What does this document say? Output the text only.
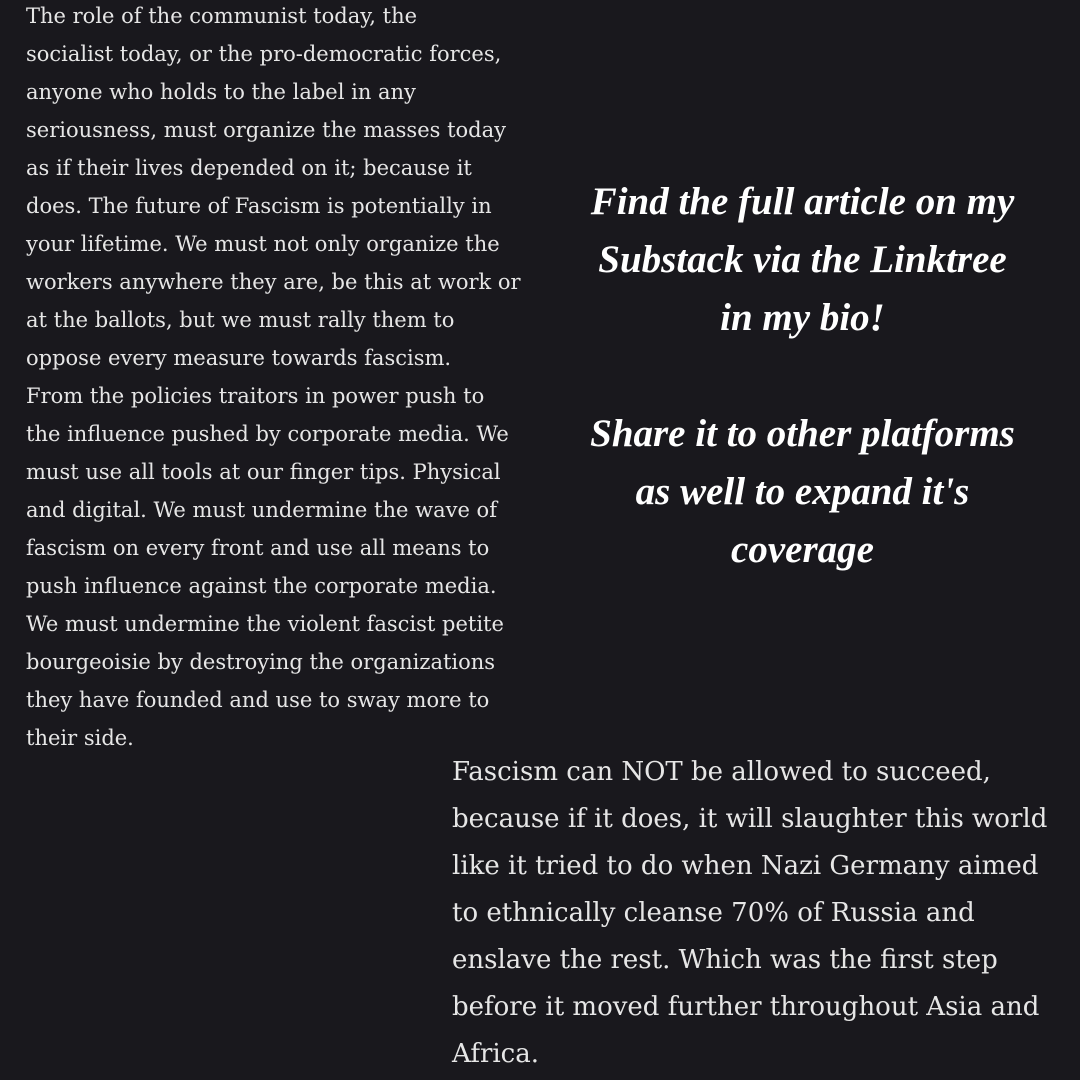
The role of the communist today, the
socialist today, or the pro-democratic forces,
anyone who holds to the label in any
seriousness, must organize the masses today
as if their lives depended on it; because it
does. The future of Fascism is potentially in
your lifetime. We must not only organize the
workers anywhere they are, be this at work or
at the ballots, but we must rally them to
oppose every measure towards fascism.
From the policies traitors in power push to
the influence pushed by corporate media. We
must use all tools at our finger tips. Physical
and digital. We must undermine the wave of
fascism on every front and use all means to
push influence against the corporate media.
We must undermine the violent fascist petite
bourgeoisie by destroying the organizations
they have founded and use to sway more to
their side.
Find the full article on my
Substack via the Linktree
in my bio!
Share it to other platforms
as well to expand it's
coverage
Fascism can NOT be allowed to succeed,
because if it does, it will slaughter this world
like it tried to do when Nazi Germany aimed
to ethnically cleanse 70% of Russia and
enslave the rest. Which was the first step
before it moved further throughout Asia and
Africa.
